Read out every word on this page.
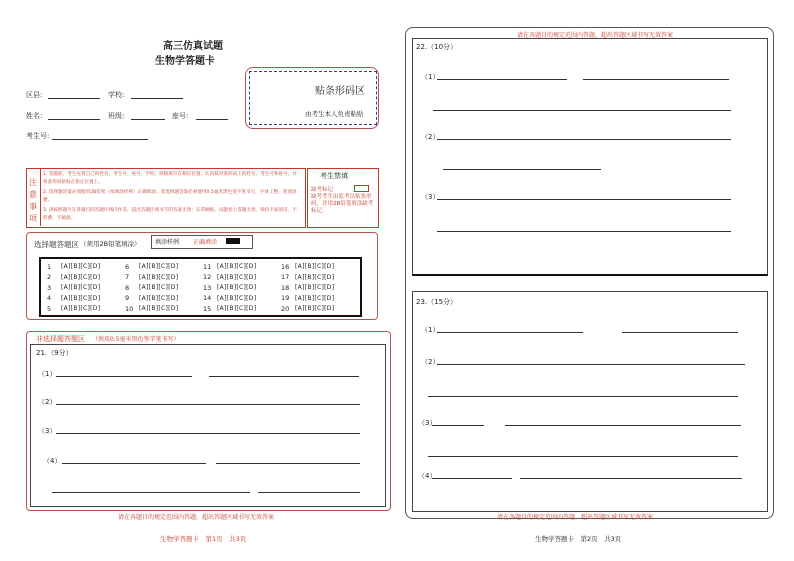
高三仿真试题
生物学答题卡
区县:	学校:
姓名:	班级:	座号:
考生号:
贴条形码区
由考生本人负责粘贴
注
意
事
项
1. 答题前，考生先将自己的姓名、考生号、座号、学校、班级填写在相应位置，认真核对条形码上的姓名、考生号和座号，并将条形码粘贴在指定位置上。
2. 选择题答案必须使用2B铅笔（按填涂样例）正确填涂；非选择题答案必须使用0.5毫米黑色签字笔书写，字体工整，笔迹清楚。
3. 请按照题号在各题目的答题区域内作答，超出答题区域书写的答案无效；在草稿纸、试题卷上答题无效。保持卡面清洁，不折叠、不破损。
考生禁填
缺考标记
缺考考生由监考员贴条形码，并用2B铅笔填涂缺考标记。
选择题答题区 （须用2B铅笔填涂） 填涂样例 正确填涂
1	[A][B][C][D]	6	[A][B][C][D]	11 [A][B][C][D]	16 [A][B][C][D]
2	[A][B][C][D]	7	[A][B][C][D]	12 [A][B][C][D]	17 [A][B][C][D]
3	[A][B][C][D]	8	[A][B][C][D]	13 [A][B][C][D]	18 [A][B][C][D]
4	[A][B][C][D]	9	[A][B][C][D]	14 [A][B][C][D]	19 [A][B][C][D]
5	[A][B][C][D]	10 [A][B][C][D]	15 [A][B][C][D]	20 [A][B][C][D]
非选择题答题区 （须用0.5毫米黑色签字笔书写）
21.（9分）
（1）
（2）
（3）
（4）
请在各题目的规定范围内答题，超出答题区域书写无效答案
生物学答题卡　第1页　共3页
请在各题目的规定范围内答题，超出答题区域书写无效答案
22.（10分）
（1）
（2）
（3）
23.（15分）
（1）
（2）
（3）
（4）
请在各题目的规定范围内答题，超出答题区域书写无效答案
生物学答题卡　第2页　共3页
